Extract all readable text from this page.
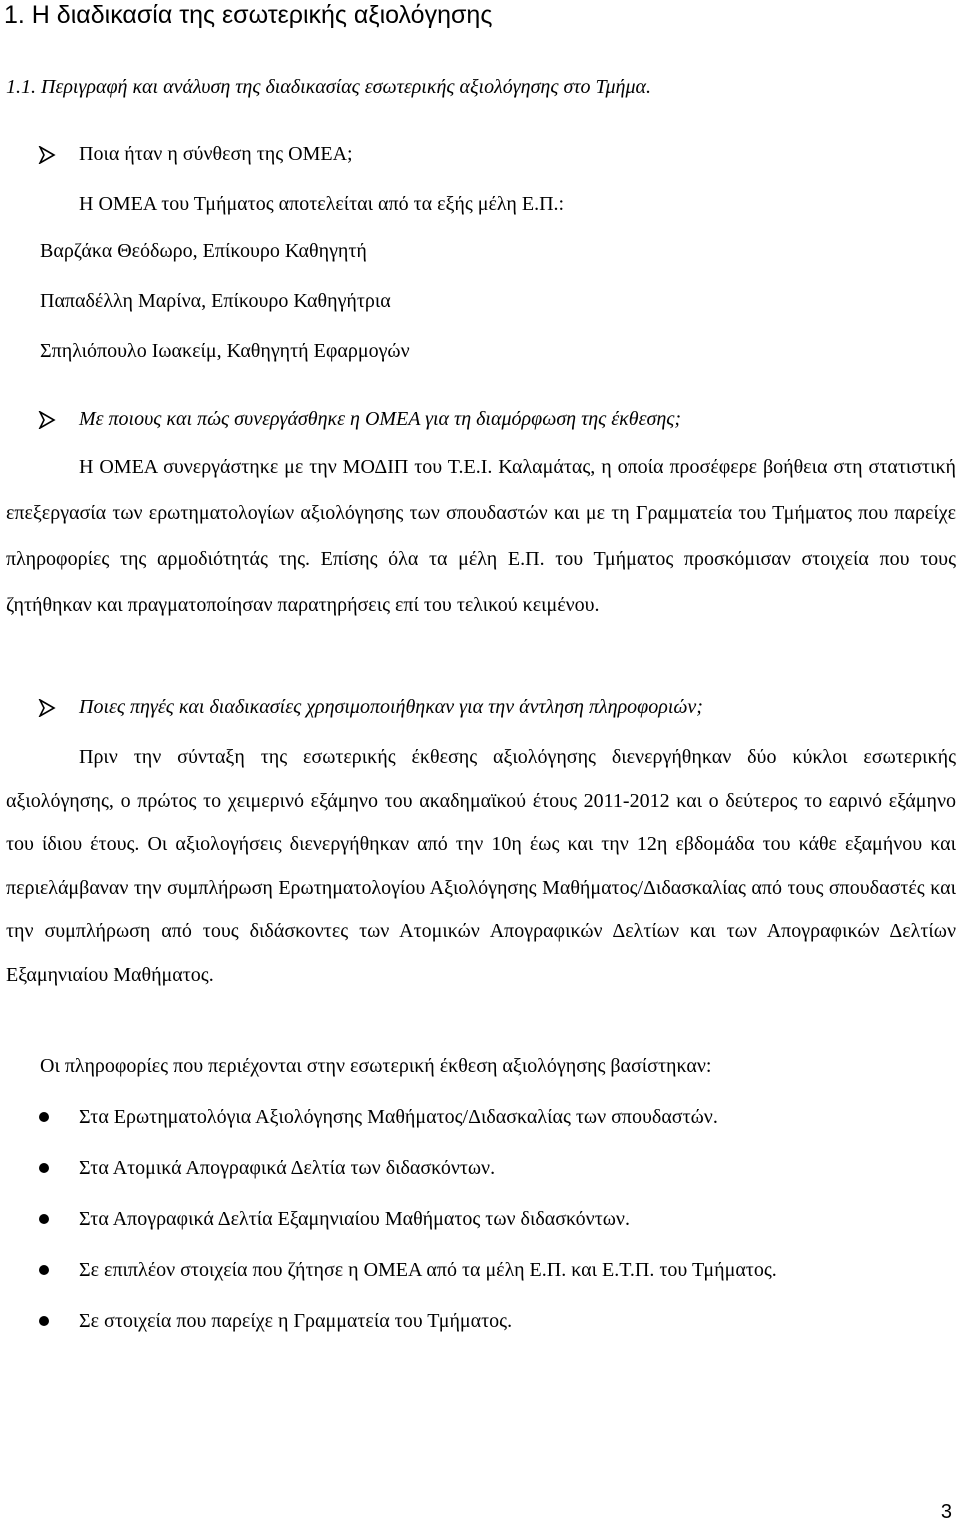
1. Η διαδικασία της εσωτερικής αξιολόγησης
1.1. Περιγραφή και ανάλυση της διαδικασίας εσωτερικής αξιολόγησης στο Τμήμα.
Ποια ήταν η σύνθεση της ΟΜΕΑ;
Η ΟΜΕΑ του Τμήματος αποτελείται από τα εξής μέλη Ε.Π.:
Βαρζάκα Θεόδωρο, Επίκουρο Καθηγητή
Παπαδέλλη Μαρίνα, Επίκουρο Καθηγήτρια
Σπηλιόπουλο Ιωακείμ, Καθηγητή Εφαρμογών
Με ποιους και πώς συνεργάσθηκε η ΟΜΕΑ για τη διαμόρφωση της έκθεσης;

Η ΟΜΕΑ συνεργάστηκε με την ΜΟΔΙΠ του Τ.Ε.Ι. Καλαμάτας, η οποία προσέφερε βοήθεια στη στατιστική επεξεργασία των ερωτηματολογίων αξιολόγησης των σπουδαστών και με τη Γραμματεία του Τμήματος που παρείχε πληροφορίες της αρμοδιότητάς της. Επίσης όλα τα μέλη Ε.Π. του Τμήματος προσκόμισαν στοιχεία που τους ζητήθηκαν και πραγματοποίησαν παρατηρήσεις επί του τελικού κειμένου.

Ποιες πηγές και διαδικασίες χρησιμοποιήθηκαν για την άντληση πληροφοριών;

Πριν την σύνταξη της εσωτερικής έκθεσης αξιολόγησης διενεργήθηκαν δύο κύκλοι εσωτερικής αξιολόγησης, ο πρώτος το χειμερινό εξάμηνο του ακαδημαϊκού έτους 2011-2012 και ο δεύτερος το εαρινό εξάμηνο του ίδιου έτους. Οι αξιολογήσεις διενεργήθηκαν από την 10η έως και την 12η εβδομάδα του κάθε εξαμήνου και περιελάμβαναν την συμπλήρωση Ερωτηματολογίου Αξιολόγησης Μαθήματος/Διδασκαλίας από τους σπουδαστές και την συμπλήρωση από τους διδάσκοντες των Ατομικών Απογραφικών Δελτίων και των Απογραφικών Δελτίων Εξαμηνιαίου Μαθήματος.

Οι πληροφορίες που περιέχονται στην εσωτερική έκθεση αξιολόγησης βασίστηκαν:
Στα Ερωτηματολόγια Αξιολόγησης Μαθήματος/Διδασκαλίας των σπουδαστών.
Στα Ατομικά Απογραφικά Δελτία των διδασκόντων.
Στα Απογραφικά Δελτία Εξαμηνιαίου Μαθήματος των διδασκόντων.
Σε επιπλέον στοιχεία που ζήτησε η ΟΜΕΑ από τα μέλη Ε.Π. και Ε.Τ.Π. του Τμήματος.
Σε στοιχεία που παρείχε η Γραμματεία του Τμήματος.
3
